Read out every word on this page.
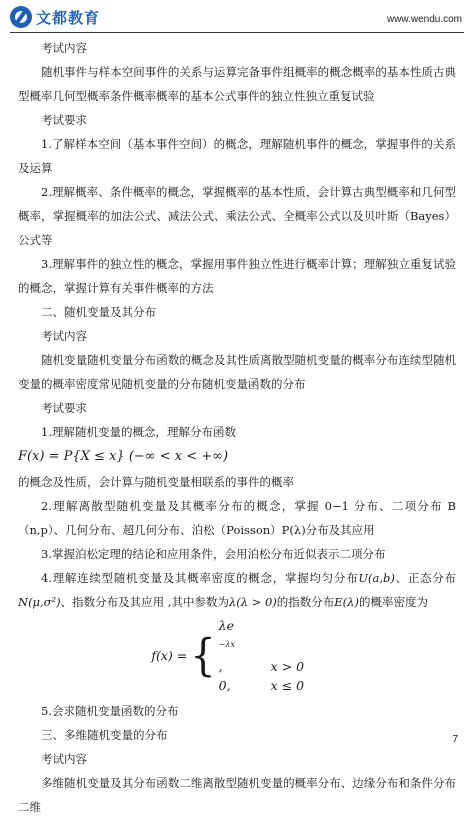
文都教育	www.wendu.com

考试内容

随机事件与样本空间事件的关系与运算完备事件组概率的概念概率的基本性质古典型概率几何型概率条件概率概率的基本公式事件的独立性独立重复试验

考试要求

1.了解样本空间（基本事件空间）的概念，理解随机事件的概念，掌握事件的关系及运算

2.理解概率、条件概率的概念，掌握概率的基本性质，会计算古典型概率和几何型概率，掌握概率的加法公式、减法公式、乘法公式、全概率公式以及贝叶斯（Bayes）公式等

3.理解事件的独立性的概念，掌握用事件独立性进行概率计算；理解独立重复试验的概念，掌握计算有关事件概率的方法

二、随机变量及其分布

考试内容

随机变量随机变量分布函数的概念及其性质离散型随机变量的概率分布连续型随机变量的概率密度常见随机变量的分布随机变量函数的分布

考试要求

1.理解随机变量的概念，理解分布函数

F(x) = P{X ≤ x} (−∞ < x < +∞)

的概念及性质，会计算与随机变量相联系的事件的概率

2.理解离散型随机变量及其概率分布的概念，掌握 0−1 分布、二项分布 B（n,p）、几何分布、超几何分布、泊松（Poisson）P(λ)分布及其应用

3.掌握泊松定理的结论和应用条件，会用泊松分布近似表示二项分布

4.理解连续型随机变量及其概率密度的概念，掌握均匀分布U(a,b)、正态分布N(μ,σ²)、指数分布及其应用 ,其中参数为λ(λ > 0)的指数分布E(λ)的概率密度为

f(x) = {
$\lambda e^{-\lambda x}$,	x > 0
0,	x ≤ 0

5.会求随机变量函数的分布

三、多维随机变量的分布

考试内容

多维随机变量及其分布函数二维离散型随机变量的概率分布、边缘分布和条件分布二维

7
